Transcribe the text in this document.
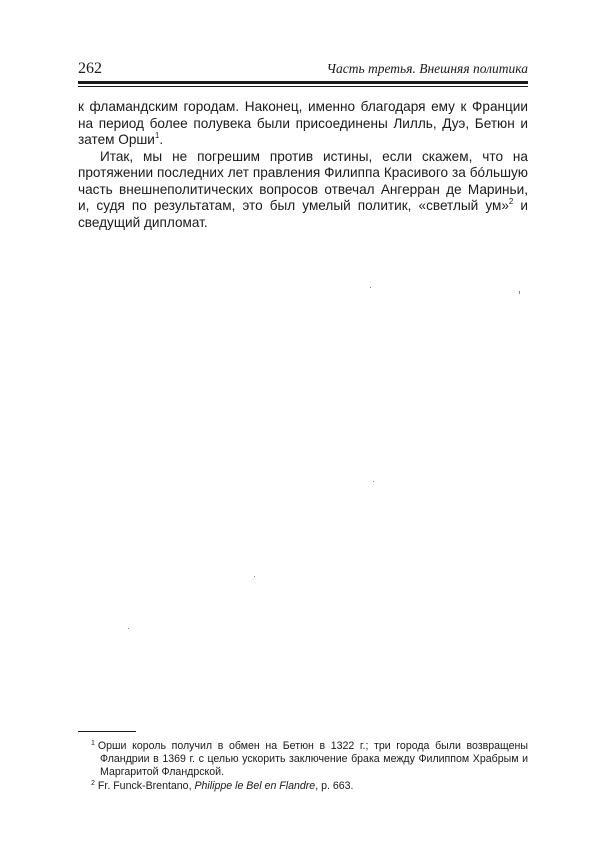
262	Часть третья. Внешняя политика

к фламандским городам. Наконец, именно благодаря ему к Франции на период более полувека были присоединены Лилль, Дуэ, Бетюн и затем Орши$^1$.

Итак, мы не погрешим против истины, если скажем, что на протяжении последних лет правления Филиппа Красивого за бóльшую часть внешнеполитических вопросов отвечал Ангерран де Мариньи, и, судя по результатам, это был умелый политик, «светлый ум»$^2$ и сведущий дипломат.

$^1$ Орши король получил в обмен на Бетюн в 1322 г.; три города были возвращены Фландрии в 1369 г. с целью ускорить заключение брака между Филиппом Храбрым и Маргаритой Фландрской.

$^2$ Fr. Funck-Brentano, Philippe le Bel en Flandre, p. 663.
